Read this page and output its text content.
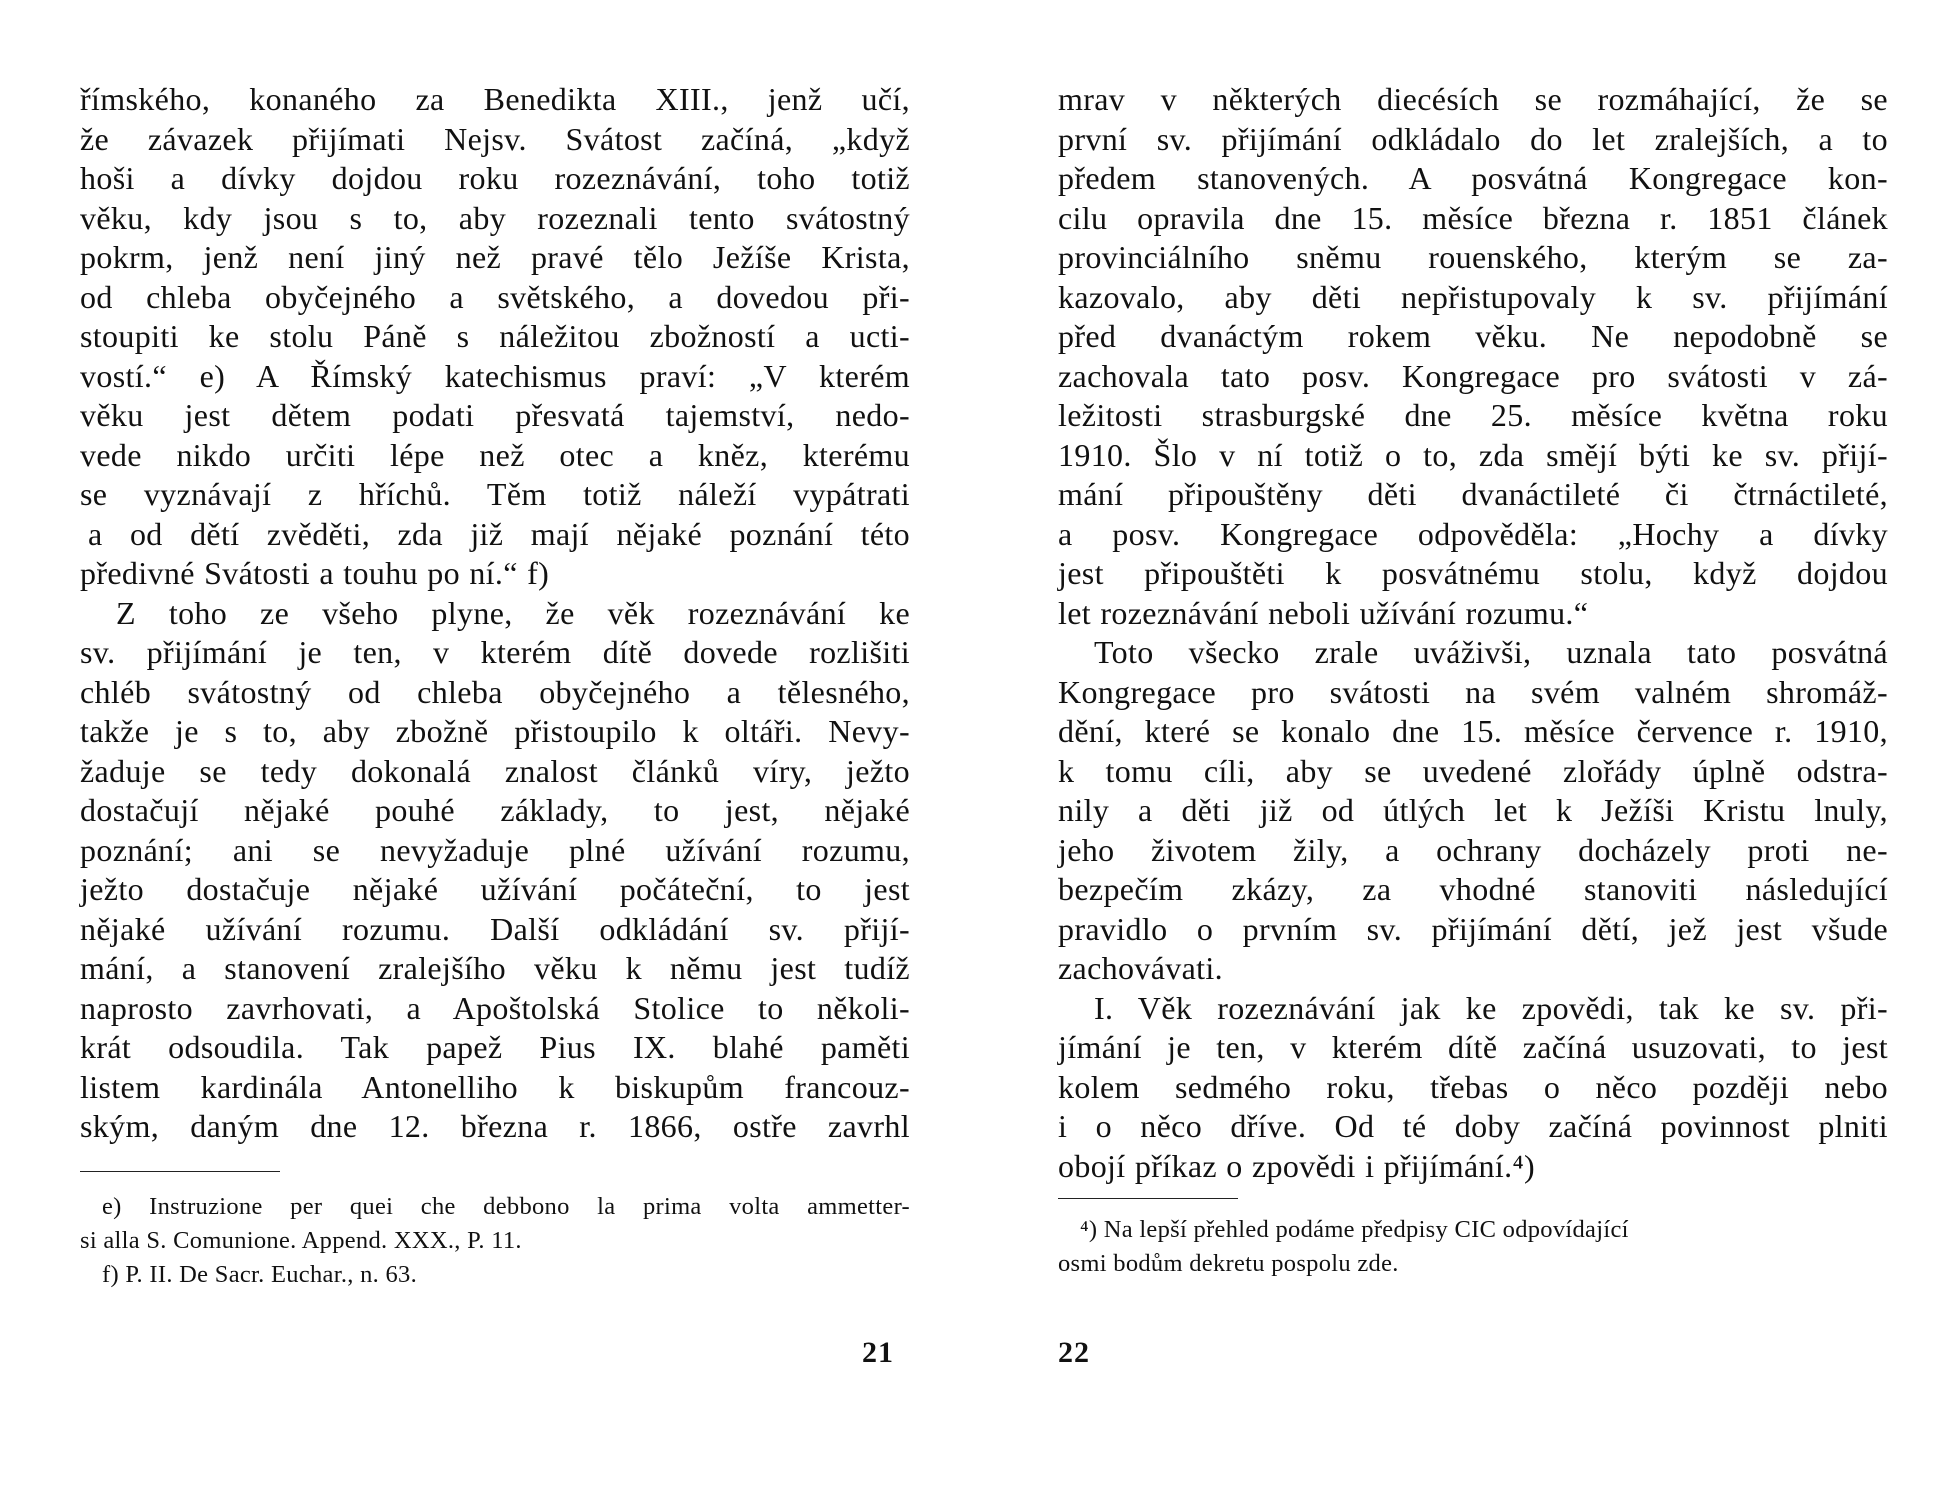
římského, konaného za Benedikta XIII., jenž učí,
že závazek přijímati Nejsv. Svátost začíná, „když
hoši a dívky dojdou roku rozeznávání, toho totiž
věku, kdy jsou s to, aby rozeznali tento svátostný
pokrm, jenž není jiný než pravé tělo Ježíše Krista,
od chleba obyčejného a světského, a dovedou při-
stoupiti ke stolu Páně s náležitou zbožností a ucti-
vostí.“ e) A Římský katechismus praví: „V kterém
věku jest dětem podati přesvatá tajemství, nedo-
vede nikdo určiti lépe než otec a kněz, kterému
se vyznávají z hříchů. Těm totiž náleží vypátrati
a od dětí zvěděti, zda již mají nějaké poznání této
předivné Svátosti a touhu po ní.“ f)
Z toho ze všeho plyne, že věk rozeznávání ke
sv. přijímání je ten, v kterém dítě dovede rozlišiti
chléb svátostný od chleba obyčejného a tělesného,
takže je s to, aby zbožně přistoupilo k oltáři. Nevy-
žaduje se tedy dokonalá znalost článků víry, ježto
dostačují nějaké pouhé základy, to jest, nějaké
poznání; ani se nevyžaduje plné užívání rozumu,
ježto dostačuje nějaké užívání počáteční, to jest
nějaké užívání rozumu. Další odkládání sv. přijí-
mání, a stanovení zralejšího věku k němu jest tudíž
naprosto zavrhovati, a Apoštolská Stolice to několi-
krát odsoudila. Tak papež Pius IX. blahé paměti
listem kardinála Antonelliho k biskupům francouz-
ským, daným dne 12. března r. 1866, ostře zavrhl
e) Instruzione per quei che debbono la prima volta ammetter-
si alla S. Comunione. Append. XXX., P. 11.
f) P. II. De Sacr. Euchar., n. 63.
mrav v některých diecésích se rozmáhající, že se
první sv. přijímání odkládalo do let zralejších, a to
předem stanovených. A posvátná Kongregace kon-
cilu opravila dne 15. měsíce března r. 1851 článek
provinciálního sněmu rouenského, kterým se za-
kazovalo, aby děti nepřistupovaly k sv. přijímání
před dvanáctým rokem věku. Ne nepodobně se
zachovala tato posv. Kongregace pro svátosti v zá-
ležitosti strasburgské dne 25. měsíce května roku
1910. Šlo v ní totiž o to, zda smějí býti ke sv. přijí-
mání připouštěny děti dvanáctileté či čtrnáctileté,
a posv. Kongregace odpověděla: „Hochy a dívky
jest připouštěti k posvátnému stolu, když dojdou
let rozeznávání neboli užívání rozumu.“
Toto všecko zrale uváživši, uznala tato posvátná
Kongregace pro svátosti na svém valném shromáž-
dění, které se konalo dne 15. měsíce července r. 1910,
k tomu cíli, aby se uvedené zlořády úplně odstra-
nily a děti již od útlých let k Ježíši Kristu lnuly,
jeho životem žily, a ochrany docházely proti ne-
bezpečím zkázy, za vhodné stanoviti následující
pravidlo o prvním sv. přijímání dětí, jež jest všude
zachovávati.
I. Věk rozeznávání jak ke zpovědi, tak ke sv. při-
jímání je ten, v kterém dítě začíná usuzovati, to jest
kolem sedmého roku, třebas o něco později nebo
i o něco dříve. Od té doby začíná povinnost plniti
obojí příkaz o zpovědi i přijímání.⁴)
⁴) Na lepší přehled podáme předpisy CIC odpovídající
osmi bodům dekretu pospolu zde.
21	22
